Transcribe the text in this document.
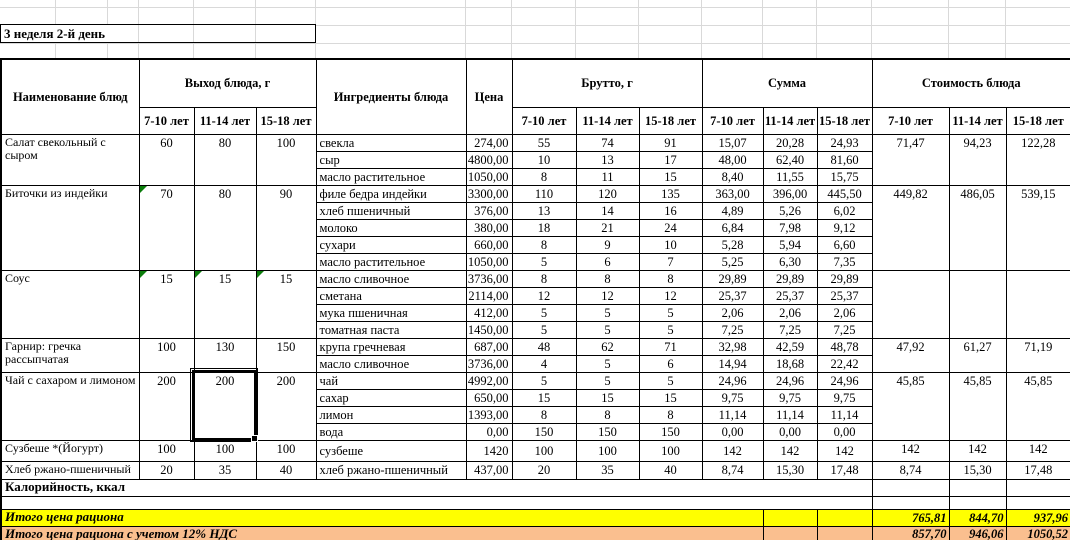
3 неделя 2-й день
Наименование блюд	Выход блюда, г			Ингредиенты блюда	Цена	Брутто, г			Сумма			Стоимость блюда		
	7-10 лет	11-14 лет	15-18 лет			7-10 лет	11-14 лет	15-18 лет	7-10 лет	11-14 лет	15-18 лет	7-10 лет	11-14 лет	15-18 лет
Салат свекольный с сыром	60	80	100	свекла	274,00	55	74	91	15,07	20,28	24,93	71,47	94,23	122,28
				сыр	4800,00	10	13	17	48,00	62,40	81,60			
				масло растительное	1050,00	8	11	15	8,40	11,55	15,75			
Биточки из индейки	70	80	90	филе бедра индейки	3300,00	110	120	135	363,00	396,00	445,50	449,82	486,05	539,15
				хлеб пшеничный	376,00	13	14	16	4,89	5,26	6,02			
				молоко	380,00	18	21	24	6,84	7,98	9,12			
				сухари	660,00	8	9	10	5,28	5,94	6,60			
				масло растительное	1050,00	5	6	7	5,25	6,30	7,35			
Соус	15	15	15	масло сливочное	3736,00	8	8	8	29,89	29,89	29,89			
				сметана	2114,00	12	12	12	25,37	25,37	25,37			
				мука пшеничная	412,00	5	5	5	2,06	2,06	2,06			
				томатная паста	1450,00	5	5	5	7,25	7,25	7,25			
Гарнир: гречка рассыпчатая	100	130	150	крупа гречневая	687,00	48	62	71	32,98	42,59	48,78	47,92	61,27	71,19
				масло сливочное	3736,00	4	5	6	14,94	18,68	22,42			
Чай с сахаром и лимоном	200	200	200	чай	4992,00	5	5	5	24,96	24,96	24,96	45,85	45,85	45,85
				сахар	650,00	15	15	15	9,75	9,75	9,75			
				лимон	1393,00	8	8	8	11,14	11,14	11,14			
				вода	0,00	150	150	150	0,00	0,00	0,00			
Сузбеше *(Йогурт)	100	100	100	сузбеше	1420	100	100	100	142	142	142	142	142	142
Хлеб ржано-пшеничный	20	35	40	хлеб ржано-пшеничный	437,00	20	35	40	8,74	15,30	17,48	8,74	15,30	17,48
Калорийность, ккал														

Итого цена рациона												765,81	844,70	937,96
Итого цена рациона с учетом 12% НДС												857,70	946,06	1050,52
